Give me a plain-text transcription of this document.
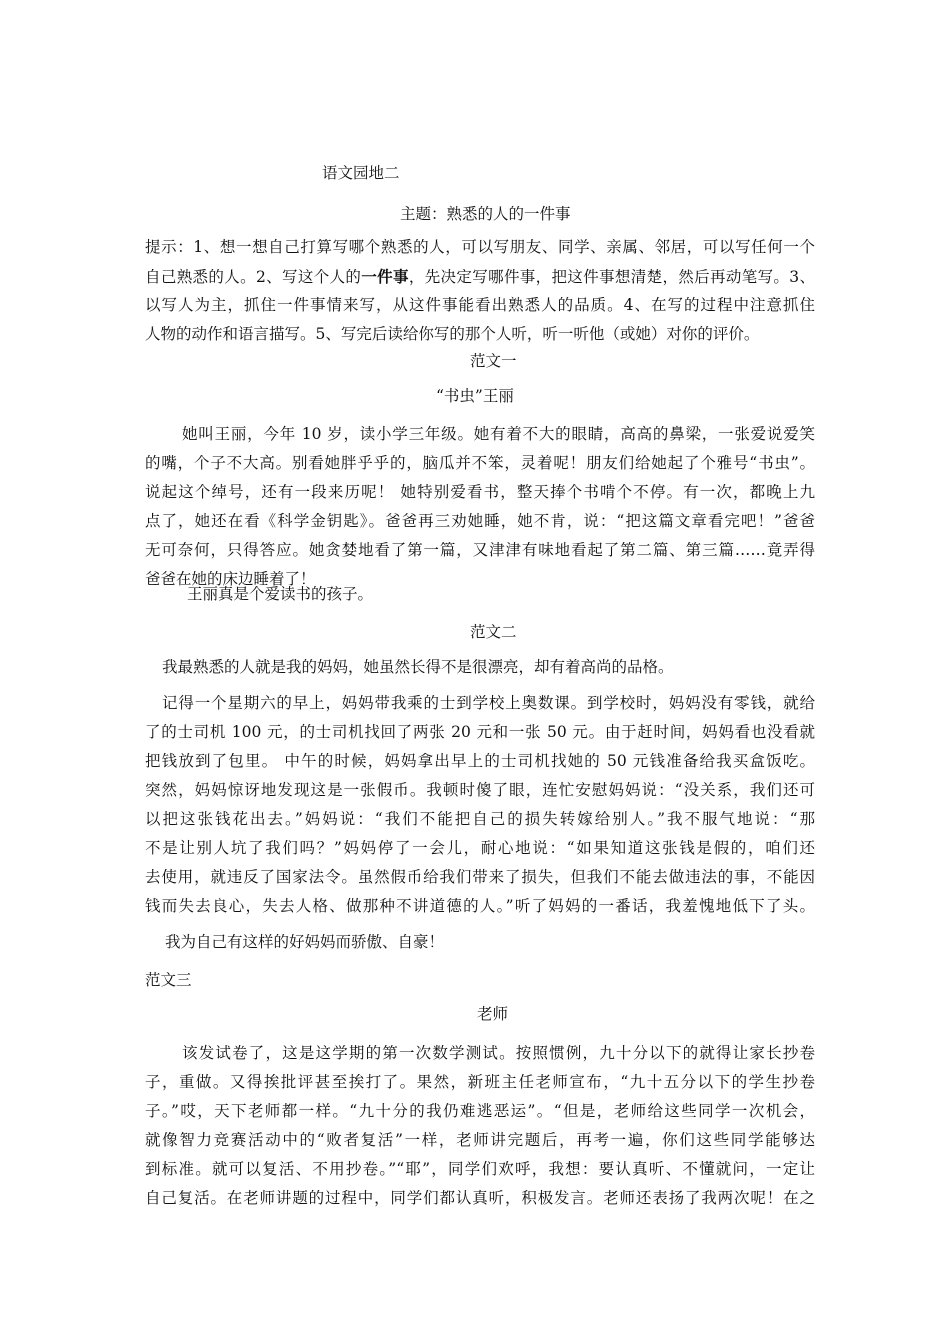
语文园地二

主题：熟悉的人的一件事

提示：1、想一想自己打算写哪个熟悉的人，可以写朋友、同学、亲属、邻居，可以写任何一个

自己熟悉的人。2、写这个人的一件事，先决定写哪件事，把这件事想清楚，然后再动笔写。3、

以写人为主，抓住一件事情来写，从这件事能看出熟悉人的品质。4、在写的过程中注意抓住

人物的动作和语言描写。5、写完后读给你写的那个人听，听一听他（或她）对你的评价。

范文一

“书虫”王丽

她叫王丽，今年 10 岁，读小学三年级。她有着不大的眼睛，高高的鼻梁，一张爱说爱笑

的嘴，个子不大高。别看她胖乎乎的，脑瓜并不笨，灵着呢！朋友们给她起了个雅号“书虫”。

说起这个绰号，还有一段来历呢！ 她特别爱看书，整天捧个书啃个不停。有一次，都晚上九

点了，她还在看《科学金钥匙》。爸爸再三劝她睡，她不肯，说：“把这篇文章看完吧！”爸爸

无可奈何，只得答应。她贪婪地看了第一篇，又津津有味地看起了第二篇、第三篇……竟弄得

爸爸在她的床边睡着了！

王丽真是个爱读书的孩子。

范文二

我最熟悉的人就是我的妈妈，她虽然长得不是很漂亮，却有着高尚的品格。

记得一个星期六的早上，妈妈带我乘的士到学校上奥数课。到学校时，妈妈没有零钱，就给

了的士司机 100 元，的士司机找回了两张 20 元和一张 50 元。由于赶时间，妈妈看也没看就

把钱放到了包里。 中午的时候，妈妈拿出早上的士司机找她的 50 元钱准备给我买盒饭吃。

突然，妈妈惊讶地发现这是一张假币。我顿时傻了眼，连忙安慰妈妈说：“没关系，我们还可

以把这张钱花出去。”妈妈说：“我们不能把自己的损失转嫁给别人。”我不服气地说：“那

不是让别人坑了我们吗？”妈妈停了一会儿，耐心地说：“如果知道这张钱是假的，咱们还

去使用，就违反了国家法令。虽然假币给我们带来了损失，但我们不能去做违法的事，不能因

钱而失去良心，失去人格、做那种不讲道德的人。”听了妈妈的一番话，我羞愧地低下了头。

我为自己有这样的好妈妈而骄傲、自豪！

范文三

老师

该发试卷了，这是这学期的第一次数学测试。按照惯例，九十分以下的就得让家长抄卷

子，重做。又得挨批评甚至挨打了。果然，新班主任老师宣布，“九十五分以下的学生抄卷

子。”哎，天下老师都一样。“九十分的我仍难逃恶运”。“但是，老师给这些同学一次机会，

就像智力竞赛活动中的“败者复活”一样，老师讲完题后，再考一遍，你们这些同学能够达

到标准。就可以复活、不用抄卷。”“耶”，同学们欢呼，我想：要认真听、不懂就问，一定让

自己复活。在老师讲题的过程中，同学们都认真听，积极发言。老师还表扬了我两次呢！在之
